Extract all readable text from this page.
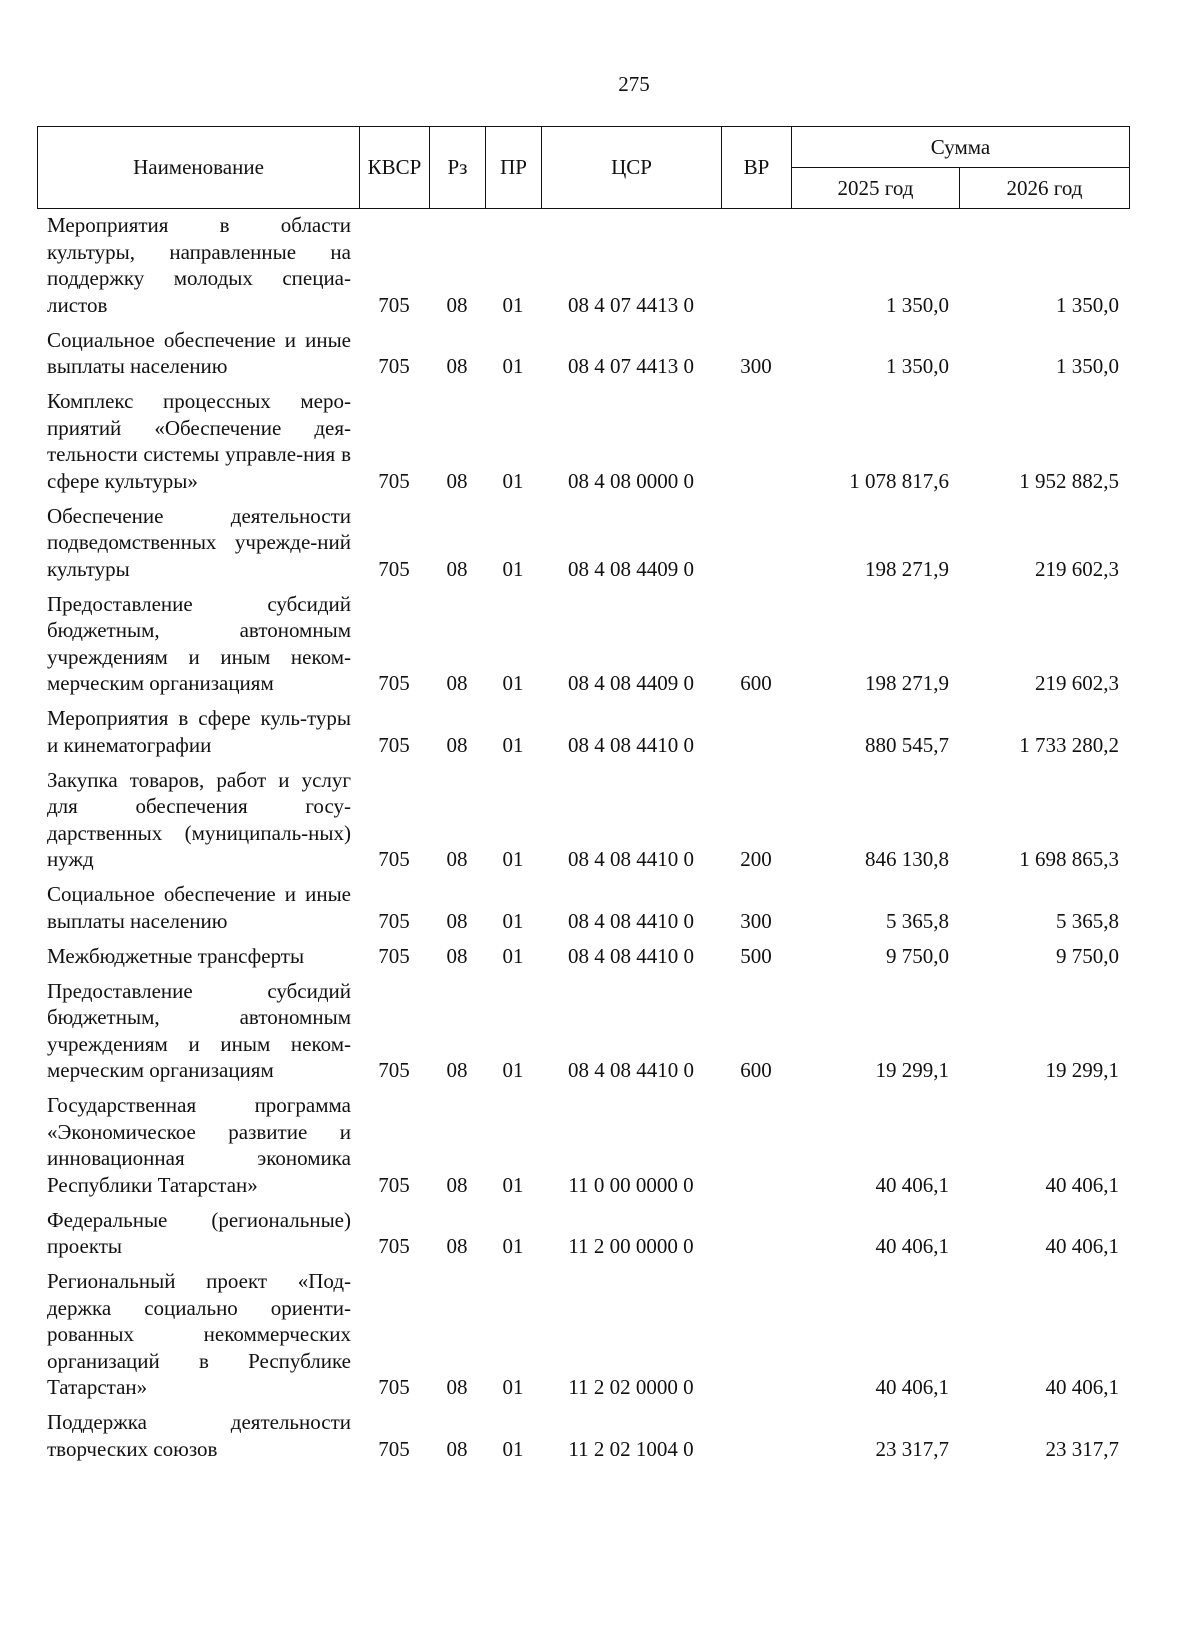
275
Наименование	КВСР	Рз	ПР	ЦСР	ВР	Сумма	
						2025 год	2026 год
Мероприятия в области культуры, направленные на поддержку молодых специа-листов	705	08	01	08 4 07 4413 0		1 350,0	1 350,0
Социальное обеспечение и иные выплаты населению	705	08	01	08 4 07 4413 0	300	1 350,0	1 350,0
Комплекс процессных меро-приятий «Обеспечение дея-тельности системы управле-ния в сфере культуры»	705	08	01	08 4 08 0000 0		1 078 817,6	1 952 882,5
Обеспечение деятельности подведомственных учрежде-ний культуры	705	08	01	08 4 08 4409 0		198 271,9	219 602,3
Предоставление субсидий бюджетным, автономным учреждениям и иным неком-мерческим организациям	705	08	01	08 4 08 4409 0	600	198 271,9	219 602,3
Мероприятия в сфере куль-туры и кинематографии	705	08	01	08 4 08 4410 0		880 545,7	1 733 280,2
Закупка товаров, работ и услуг для обеспечения госу-дарственных (муниципаль-ных) нужд	705	08	01	08 4 08 4410 0	200	846 130,8	1 698 865,3
Социальное обеспечение и иные выплаты населению	705	08	01	08 4 08 4410 0	300	5 365,8	5 365,8
Межбюджетные трансферты	705	08	01	08 4 08 4410 0	500	9 750,0	9 750,0
Предоставление субсидий бюджетным, автономным учреждениям и иным неком-мерческим организациям	705	08	01	08 4 08 4410 0	600	19 299,1	19 299,1
Государственная программа «Экономическое развитие и инновационная экономика Республики Татарстан»	705	08	01	11 0 00 0000 0		40 406,1	40 406,1
Федеральные (региональные) проекты	705	08	01	11 2 00 0000 0		40 406,1	40 406,1
Региональный проект «Под-держка социально ориенти-рованных некоммерческих организаций в Республике Татарстан»	705	08	01	11 2 02 0000 0		40 406,1	40 406,1
Поддержка деятельности творческих союзов	705	08	01	11 2 02 1004 0		23 317,7	23 317,7
